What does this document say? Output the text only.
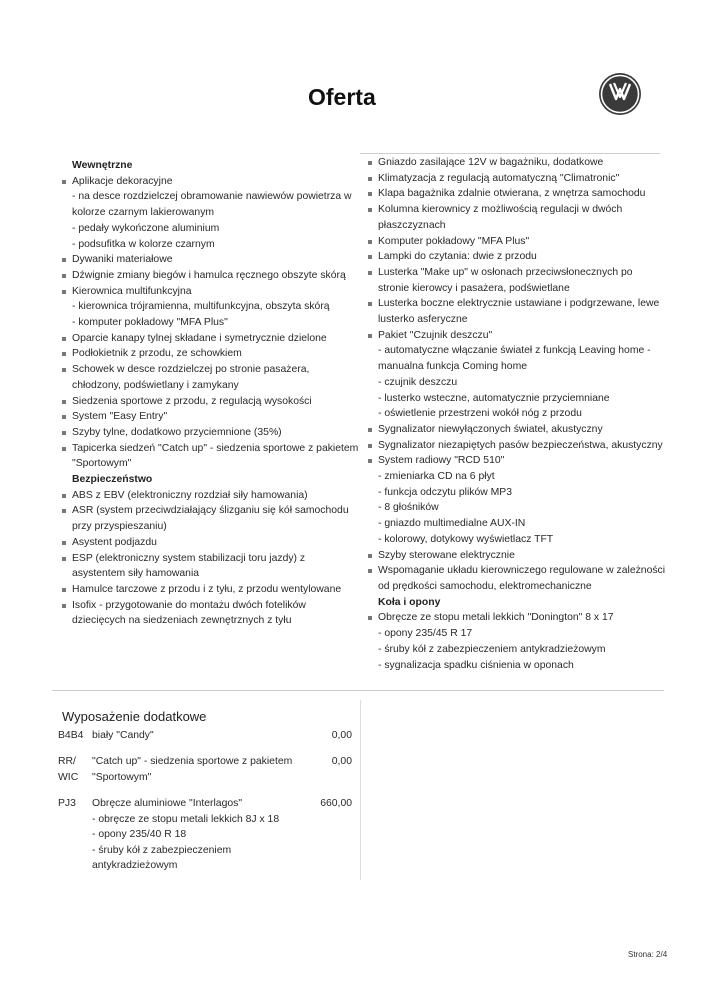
Oferta
Wewnętrzne
Aplikacje dekoracyjne
- na desce rozdzielczej obramowanie nawiewów powietrza w
kolorze czarnym lakierowanym
- pedały wykończone aluminium
- podsufitka w kolorze czarnym
Dywaniki materiałowe
Dźwignie zmiany biegów i hamulca ręcznego obszyte skórą
Kierownica multifunkcyjna
- kierownica trójramienna, multifunkcyjna, obszyta skórą
- komputer pokładowy "MFA Plus"
Oparcie kanapy tylnej składane i symetrycznie dzielone
Podłokietnik z przodu, ze schowkiem
Schowek w desce rozdzielczej po stronie pasażera,
chłodzony, podświetlany i zamykany
Siedzenia sportowe z przodu, z regulacją wysokości
System "Easy Entry"
Szyby tylne, dodatkowo przyciemnione (35%)
Tapicerka siedzeń "Catch up" - siedzenia sportowe z pakietem
"Sportowym"
Bezpieczeństwo
ABS z EBV (elektroniczny rozdział siły hamowania)
ASR (system przeciwdziałający ślizganiu się kół samochodu
przy przyspieszaniu)
Asystent podjazdu
ESP (elektroniczny system stabilizacji toru jazdy) z
asystentem siły hamowania
Hamulce tarczowe z przodu i z tyłu, z przodu wentylowane
Isofix - przygotowanie do montażu dwóch fotelików
dziecięcych na siedzeniach zewnętrznych z tyłu
Gniazdo zasilające 12V w bagażniku, dodatkowe
Klimatyzacja z regulacją automatyczną "Climatronic"
Klapa bagażnika zdalnie otwierana, z wnętrza samochodu
Kolumna kierownicy z możliwością regulacji w dwóch
płaszczyznach
Komputer pokładowy "MFA Plus"
Lampki do czytania: dwie z przodu
Lusterka "Make up" w osłonach przeciwsłonecznych po
stronie kierowcy i pasażera, podświetlane
Lusterka boczne elektrycznie ustawiane i podgrzewane, lewe
lusterko asferyczne
Pakiet "Czujnik deszczu"
- automatyczne włączanie świateł z funkcją Leaving home -
manualna funkcja Coming home
- czujnik deszczu
- lusterko wsteczne, automatycznie przyciemniane
- oświetlenie przestrzeni wokół nóg z przodu
Sygnalizator niewyłączonych świateł, akustyczny
Sygnalizator niezapiętych pasów bezpieczeństwa, akustyczny
System radiowy "RCD 510"
- zmieniarka CD na 6 płyt
- funkcja odczytu plików MP3
- 8 głośników
- gniazdo multimedialne AUX-IN
- kolorowy, dotykowy wyświetlacz TFT
Szyby sterowane elektrycznie
Wspomaganie układu kierowniczego regulowane w zależności
od prędkości samochodu, elektromechaniczne
Koła i opony
Obręcze ze stopu metali lekkich "Donington" 8 x 17
- opony 235/45 R 17
- śruby kół z zabezpieczeniem antykradzieżowym
- sygnalizacja spadku ciśnienia w oponach
Wyposażenie dodatkowe
B4B4 biały "Candy"	0,00
RR/
WIC
"Catch up" - siedzenia sportowe z pakietem
"Sportowym"
0,00
PJ3	Obręcze aluminiowe "Interlagos"
- obręcze ze stopu metali lekkich 8J x 18
- opony 235/40 R 18
- śruby kół z zabezpieczeniem
antykradzieżowym
660,00
Strona: 2/4
